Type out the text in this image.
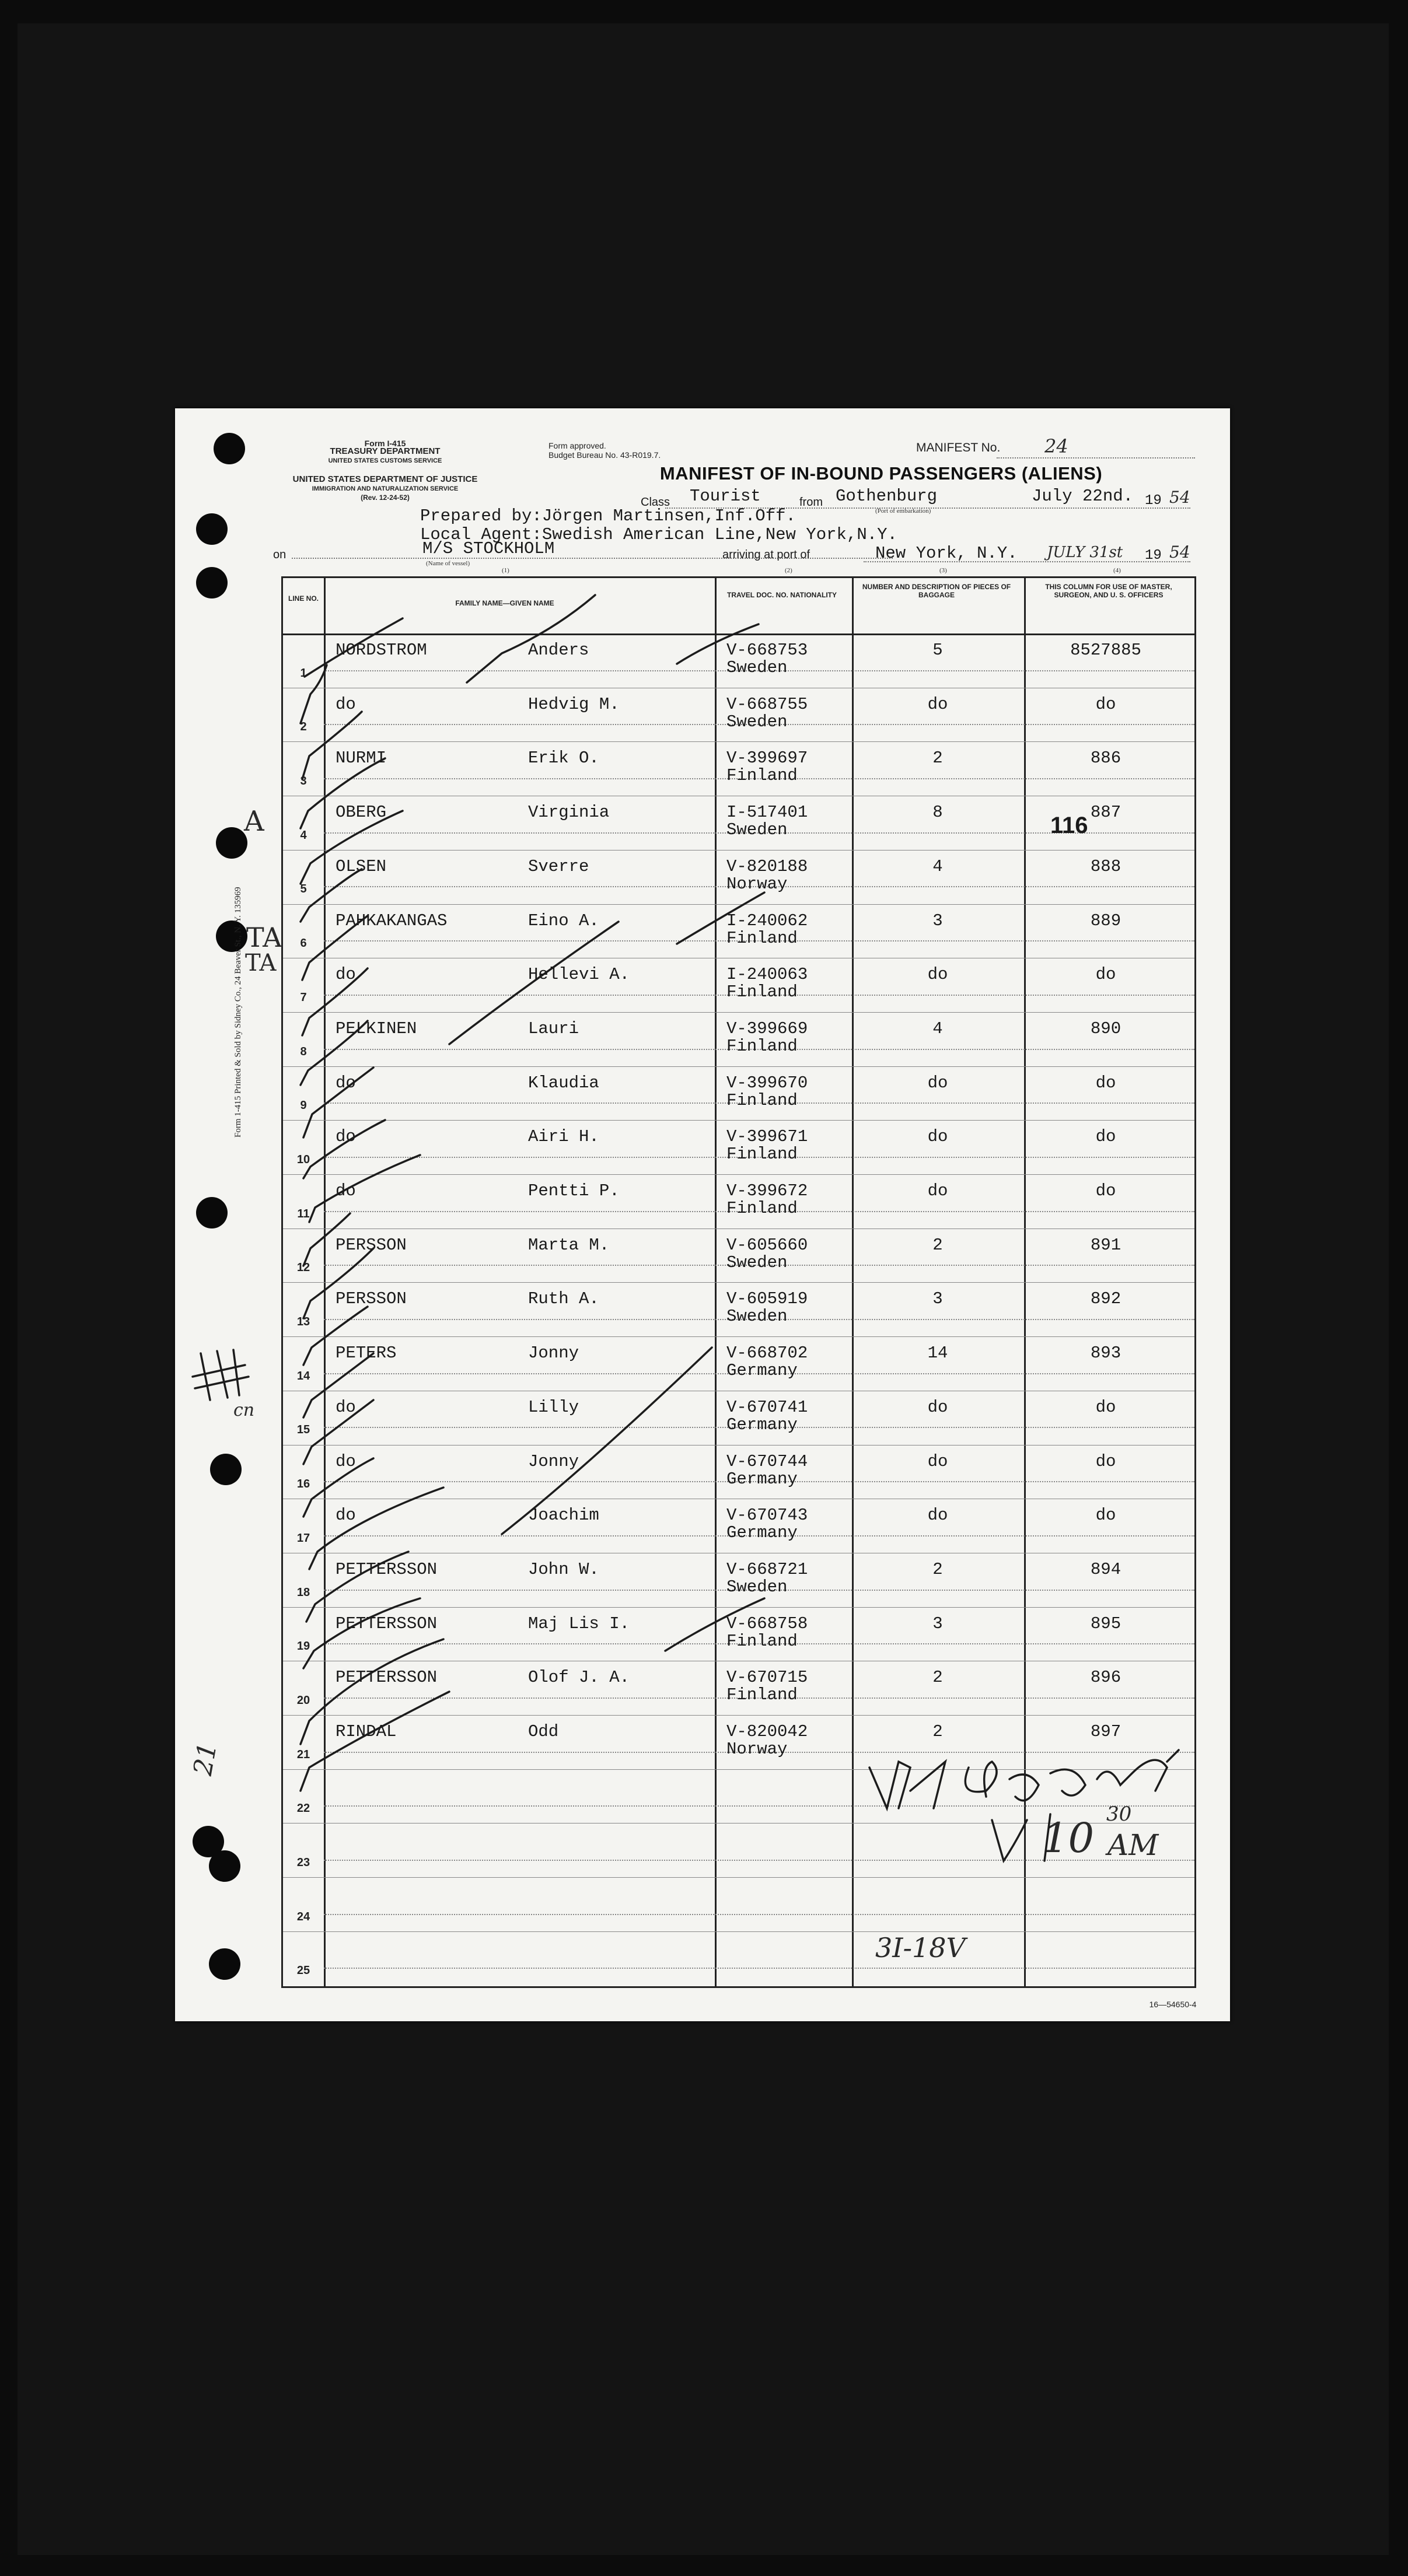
Form I-415
TREASURY DEPARTMENT
UNITED STATES CUSTOMS SERVICE
UNITED STATES DEPARTMENT OF JUSTICE
IMMIGRATION AND NATURALIZATION SERVICE
(Rev. 12-24-52)
Form approved.
Budget Bureau No. 43-R019.7.
MANIFEST No.	24
MANIFEST OF IN-BOUND PASSENGERS (ALIENS)
Class Tourist	from Gothenburg
(Port of embarkation)
July 22nd. 19 54
Prepared by:Jörgen Martinsen,Inf.Off.
Local Agent:Swedish American Line,New York,N.Y.
on	M/S STOCKHOLM
(Name of vessel)
(1)
arriving at port of	New York, N.Y. JULY 31st 19 54
Form 1-415 Printed & Sold by Sidney Co., 24 Beaver St., N. Y. 135969
LINE NO.
FAMILY NAME—GIVEN NAME
TRAVEL DOC. NO. NATIONALITY
NUMBER AND DESCRIPTION OF PIECES OF BAGGAGE
THIS COLUMN FOR USE OF MASTER, SURGEON, AND U. S. OFFICERS
1
NORDSTROM	Anders	V-668753
Sweden
5	8527885
2
do	Hedvig M.	V-668755
Sweden
do	do
3
NURMI	Erik O.	V-399697
Finland
2	886
4
OBERG	Virginia	I-517401
Sweden
8	887
5
OLSEN	Sverre	V-820188
Norway
4	888
6
PAHKAKANGAS	Eino A.	I-240062
Finland
3	889
7
do	Hellevi A.	I-240063
Finland
do	do
8
PELKINEN	Lauri	V-399669
Finland
4	890
9
do	Klaudia	V-399670
Finland
do	do
10
do	Airi H.	V-399671
Finland
do	do
11
do	Pentti P.	V-399672
Finland
do	do
12
PERSSON	Marta M.	V-605660
Sweden
2	891
13
PERSSON	Ruth A.	V-605919
Sweden
3	892
14
PETERS	Jonny	V-668702
Germany
14	893
15
do	Lilly	V-670741
Germany
do	do
16
do	Jonny	V-670744
Germany
do	do
17
do	Joachim	V-670743
Germany
do	do
18
PETTERSSON	John W.	V-668721
Sweden
2	894
19
PETTERSSON	Maj Lis I.	V-668758
Finland
3	895
20
PETTERSSON	Olof J. A.	V-670715
Finland
2	896
21
RINDAL	Odd	V-820042
Norway
2	897
22
23
24
25
(2)	(3)	(4)
116
A
TA
TA
cn
21
10 30
AM
3I-18V
16—54650-4
